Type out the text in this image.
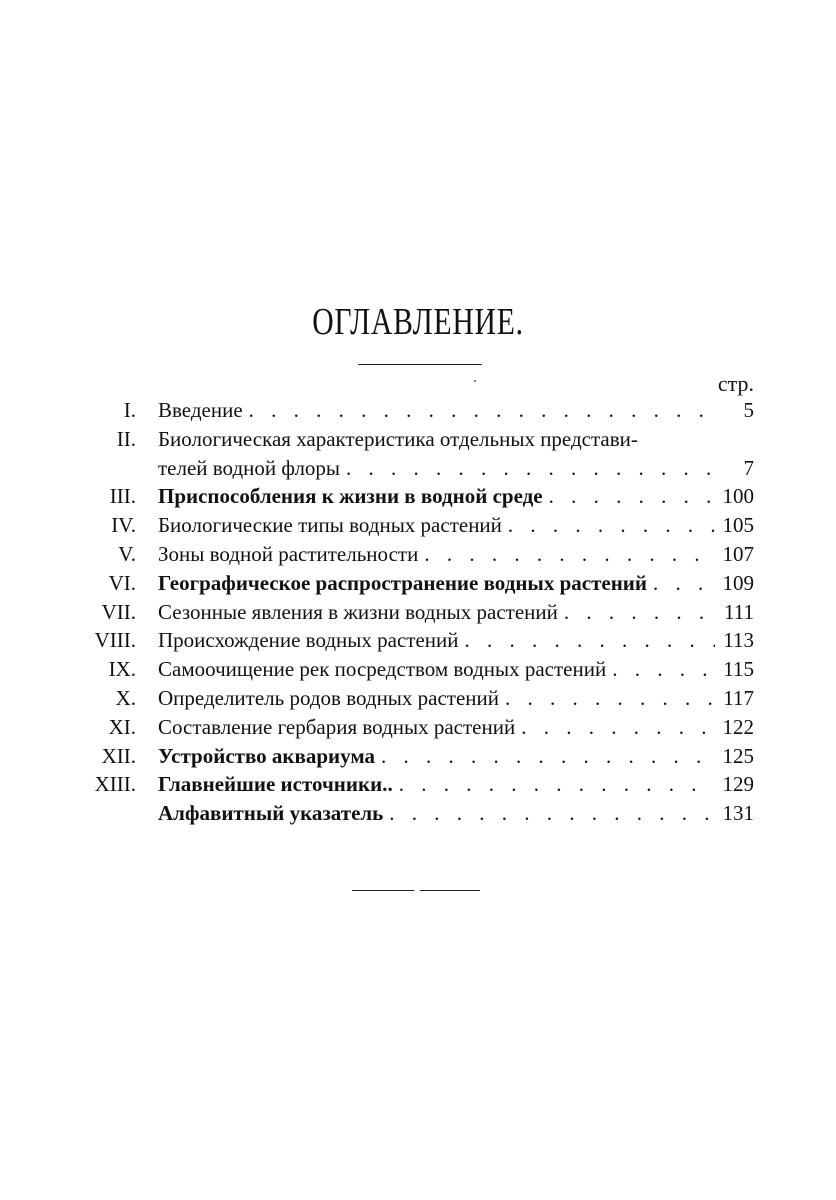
ОГЛАВЛЕНИЕ.
стр.
I. Введение . . .	5
II. Биологическая характеристика отдельных представи-
телей водной флоры . . .	7
III. Приспособления к жизни в водной среде . . .	100
IV. Биологические типы водных растений . . .	105
V. Зоны водной растительности . . .	107
VI. Географическое распространение водных растений . . .	109
VII. Сезонные явления в жизни водных растений . . .	111
VIII. Происхождение водных растений . . .	113
IX. Самоочищение рек посредством водных растений . . .	115
X. Определитель родов водных растений . . .	117
XI. Составление гербария водных растений . . .	122
XII. Устройство аквариума . . .	125
XIII. Главнейшие источники.. . . .	129
Алфавитный указатель . . .	131
